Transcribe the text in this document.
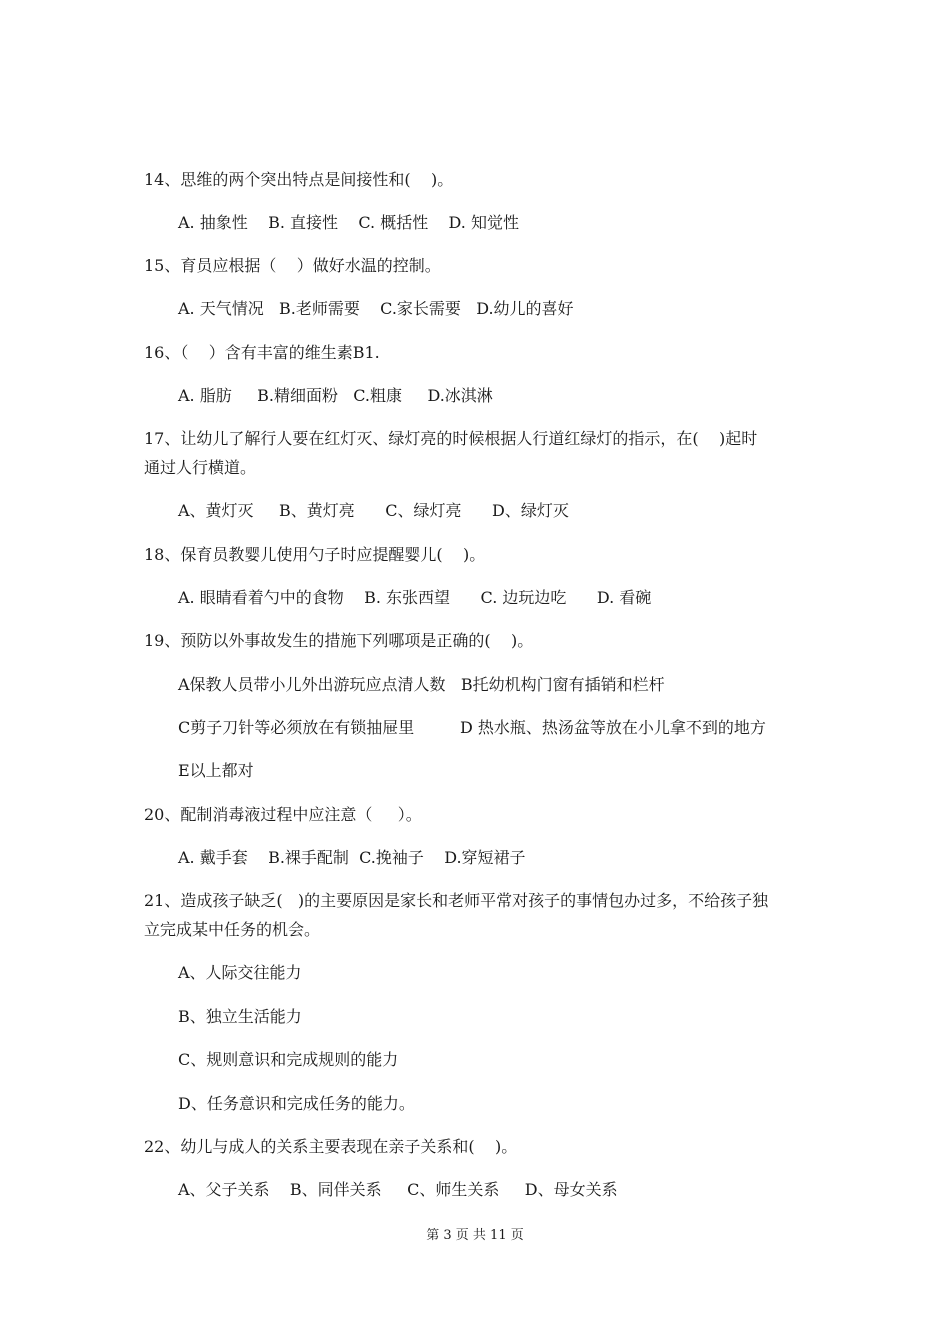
14、思维的两个突出特点是间接性和(    )。
A. 抽象性    B. 直接性    C. 概括性    D. 知觉性
15、育员应根据（    ）做好水温的控制。
A. 天气情况   B.老师需要    C.家长需要   D.幼儿的喜好
16、（    ）含有丰富的维生素B1.
A. 脂肪     B.精细面粉   C.粗康     D.冰淇淋
17、让幼儿了解行人要在红灯灭、绿灯亮的时候根据人行道红绿灯的指示，在(    )起时
通过人行横道。
A、黄灯灭     B、黄灯亮      C、绿灯亮      D、绿灯灭
18、保育员教婴儿使用勺子时应提醒婴儿(    )。
A. 眼睛看着勺中的食物    B. 东张西望      C. 边玩边吃      D. 看碗
19、预防以外事故发生的措施下列哪项是正确的(    )。
A保教人员带小儿外出游玩应点清人数   B托幼机构门窗有插销和栏杆
C剪子刀针等必须放在有锁抽屉里         D 热水瓶、热汤盆等放在小儿拿不到的地方
E以上都对
20、配制消毒液过程中应注意（     ）。
A. 戴手套    B.裸手配制  C.挽袖子    D.穿短裙子
21、造成孩子缺乏(   )的主要原因是家长和老师平常对孩子的事情包办过多，不给孩子独
立完成某中任务的机会。
A、人际交往能力
B、独立生活能力
C、规则意识和完成规则的能力
D、任务意识和完成任务的能力。
22、幼儿与成人的关系主要表现在亲子关系和(    )。
A、父子关系    B、同伴关系     C、师生关系     D、母女关系
第 3 页 共 11 页
